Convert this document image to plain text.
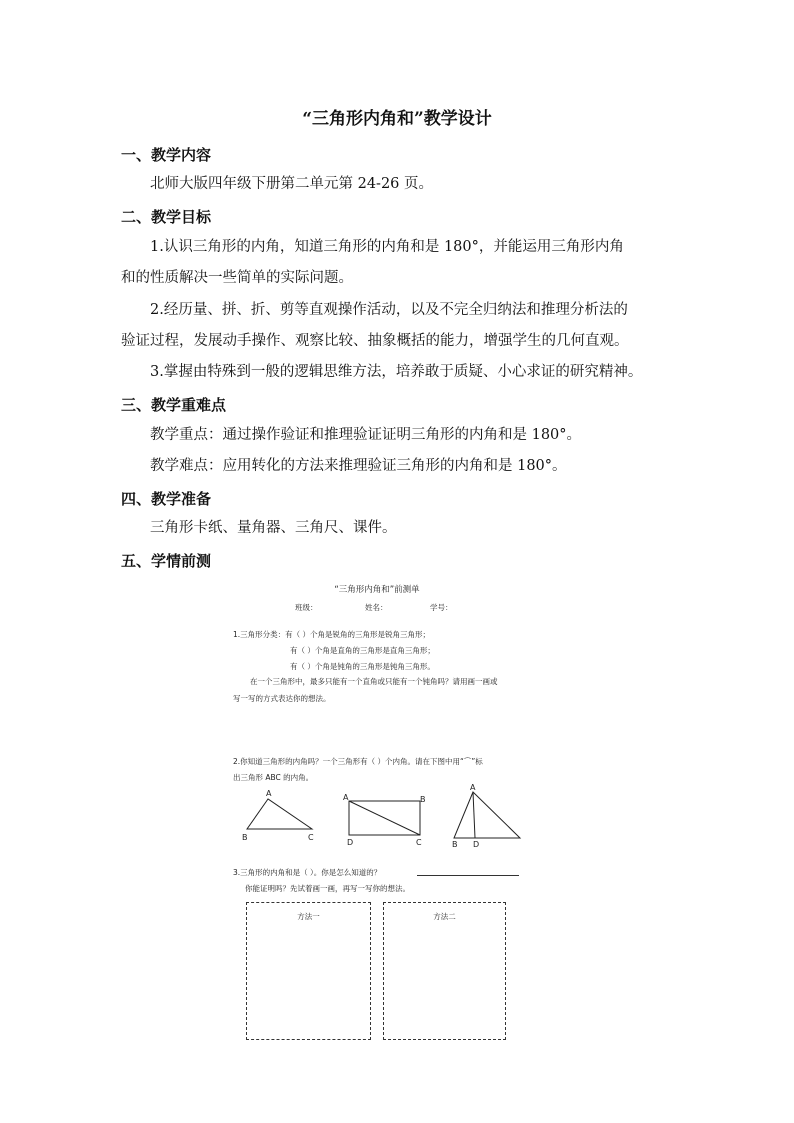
“三角形内角和”教学设计
一、教学内容
北师大版四年级下册第二单元第 24-26 页。
二、教学目标
1.认识三角形的内角，知道三角形的内角和是 180°，并能运用三角形内角
和的性质解决一些简单的实际问题。
2.经历量、拼、折、剪等直观操作活动，以及不完全归纳法和推理分析法的
验证过程，发展动手操作、观察比较、抽象概括的能力，增强学生的几何直观。
3.掌握由特殊到一般的逻辑思维方法，培养敢于质疑、小心求证的研究精神。
三、教学重难点
教学重点：通过操作验证和推理验证证明三角形的内角和是 180°。
教学难点：应用转化的方法来推理验证三角形的内角和是 180°。
四、教学准备
三角形卡纸、量角器、三角尺、课件。
五、学情前测
“三角形内角和”前测单
班级：	姓名：	学号：
1.三角形分类：有（ ）个角是锐角的三角形是锐角三角形；
有（ ）个角是直角的三角形是直角三角形；
有（ ）个角是钝角的三角形是钝角三角形。
在一个三角形中，最多只能有一个直角或只能有一个钝角吗？请用画一画或
写一写的方式表达你的想法。
2.你知道三角形的内角吗？一个三角形有（ ）个内角。请在下图中用“⌒”标
出三角形 ABC 的内角。
A
B	C
A	B
D	C
A
B D
3.三角形的内角和是（ ）。你是怎么知道的？
你能证明吗？先试着画一画，再写一写你的想法。
方法一	方法二
